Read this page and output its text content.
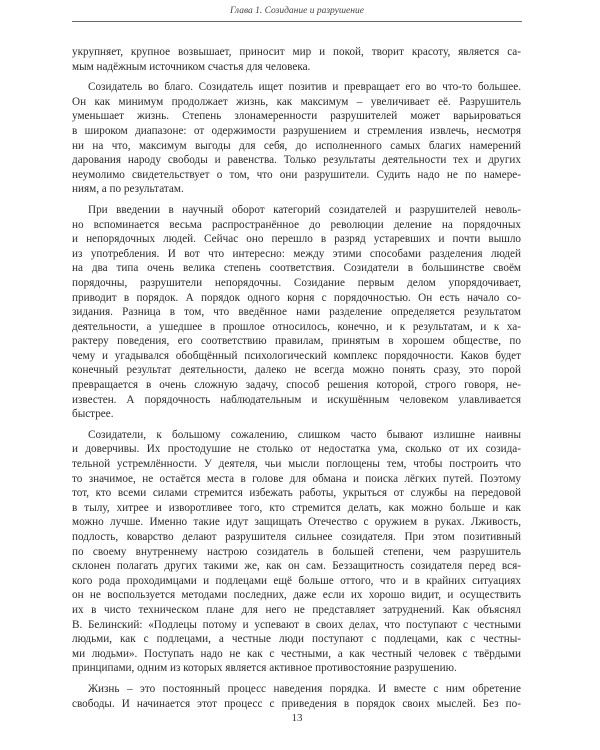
Глава 1. Созидание и разрушение
укрупняет, крупное возвышает, приносит мир и покой, творит красоту, является са-
мым надёжным источником счастья для человека.
Созидатель во благо. Созидатель ищет позитив и превращает его во что-то большее.
Он как минимум продолжает жизнь, как максимум – увеличивает её. Разрушитель
уменьшает жизнь. Степень злонамеренности разрушителей может варьироваться
в широком диапазоне: от одержимости разрушением и стремления извлечь, несмотря
ни на что, максимум выгоды для себя, до исполненного самых благих намерений
дарования народу свободы и равенства. Только результаты деятельности тех и других
неумолимо свидетельствует о том, что они разрушители. Судить надо не по намере-
ниям, а по результатам.
При введении в научный оборот категорий созидателей и разрушителей неволь-
но вспоминается весьма распространённое до революции деление на порядочных
и непорядочных людей. Сейчас оно перешло в разряд устаревших и почти вышло
из употребления. И вот что интересно: между этими способами разделения людей
на два типа очень велика степень соответствия. Созидатели в большинстве своём
порядочны, разрушители непорядочны. Созидание первым делом упорядочивает,
приводит в порядок. А порядок одного корня с порядочностью. Он есть начало со-
зидания. Разница в том, что введённое нами разделение определяется результатом
деятельности, а ушедшее в прошлое относилось, конечно, и к результатам, и к ха-
рактеру поведения, его соответствию правилам, принятым в хорошем обществе, по
чему и угадывался обобщённый психологический комплекс порядочности. Каков будет
конечный результат деятельности, далеко не всегда можно понять сразу, это порой
превращается в очень сложную задачу, способ решения которой, строго говоря, не-
известен. А порядочность наблюдательным и искушённым человеком улавливается
быстрее.
Созидатели, к большому сожалению, слишком часто бывают излишне наивны
и доверчивы. Их простодушие не столько от недостатка ума, сколько от их созида-
тельной устремлённости. У деятеля, чьи мысли поглощены тем, чтобы построить что
то значимое, не остаётся места в голове для обмана и поиска лёгких путей. Поэтому
тот, кто всеми силами стремится избежать работы, укрыться от службы на передовой
в тылу, хитрее и изворотливее того, кто стремится делать, как можно больше и как
можно лучше. Именно такие идут защищать Отечество с оружием в руках. Лживость,
подлость, коварство делают разрушителя сильнее созидателя. При этом позитивный
по своему внутреннему настрою созидатель в большей степени, чем разрушитель
склонен полагать других такими же, как он сам. Беззащитность созидателя перед вся-
кого рода проходимцами и подлецами ещё больше оттого, что и в крайних ситуациях
он не воспользуется методами последних, даже если их хорошо видит, и осуществить
их в чисто техническом плане для него не представляет затруднений. Как объяснял
В. Белинский: «Подлецы потому и успевают в своих делах, что поступают с честными
людьми, как с подлецами, а честные люди поступают с подлецами, как с честны-
ми людьми». Поступать надо не как с честными, а как честный человек с твёрдыми
принципами, одним из которых является активное противостояние разрушению.
Жизнь – это постоянный процесс наведения порядка. И вместе с ним обретение
свободы. И начинается этот процесс с приведения в порядок своих мыслей. Без по-
13
